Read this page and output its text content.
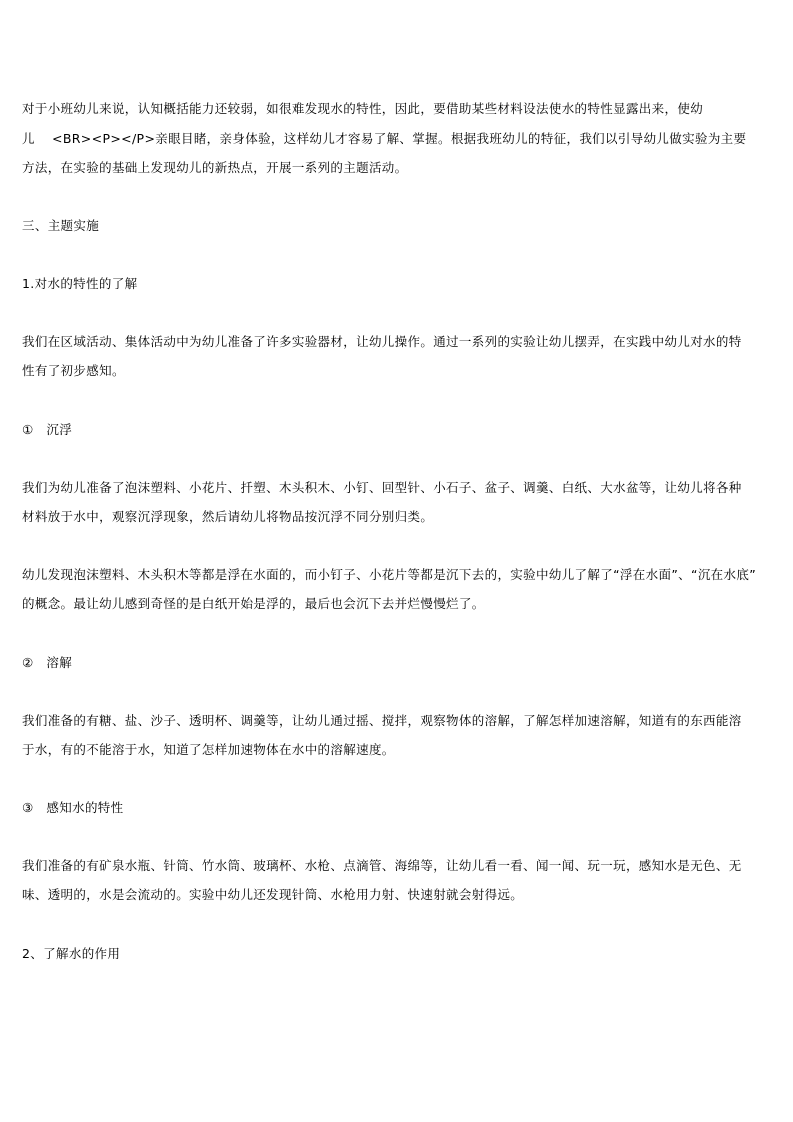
对于小班幼儿来说，认知概括能力还较弱，如很难发现水的特性，因此，要借助某些材料设法使水的特性显露出来，使幼
儿　 <BR><P></P>亲眼目睹，亲身体验，这样幼儿才容易了解、掌握。根据我班幼儿的特征，我们以引导幼儿做实验为主要
方法，在实验的基础上发现幼儿的新热点，开展一系列的主题活动。
三、主题实施
1.对水的特性的了解
我们在区域活动、集体活动中为幼儿准备了许多实验器材，让幼儿操作。通过一系列的实验让幼儿摆弄，在实践中幼儿对水的特
性有了初步感知。
①　沉浮
我们为幼儿准备了泡沫塑料、小花片、扦塑、木头积木、小钉、回型针、小石子、盆子、调羹、白纸、大水盆等，让幼儿将各种
材料放于水中，观察沉浮现象，然后请幼儿将物品按沉浮不同分别归类。
幼儿发现泡沫塑料、木头积木等都是浮在水面的，而小钉子、小花片等都是沉下去的，实验中幼儿了解了“浮在水面”、“沉在水底”
的概念。最让幼儿感到奇怪的是白纸开始是浮的，最后也会沉下去并烂慢慢烂了。
②　溶解
我们准备的有糖、盐、沙子、透明杯、调羹等，让幼儿通过摇、搅拌，观察物体的溶解，了解怎样加速溶解，知道有的东西能溶
于水，有的不能溶于水，知道了怎样加速物体在水中的溶解速度。
③　感知水的特性
我们准备的有矿泉水瓶、针筒、竹水筒、玻璃杯、水枪、点滴管、海绵等，让幼儿看一看、闻一闻、玩一玩，感知水是无色、无
味、透明的，水是会流动的。实验中幼儿还发现针筒、水枪用力射、快速射就会射得远。
2、了解水的作用
